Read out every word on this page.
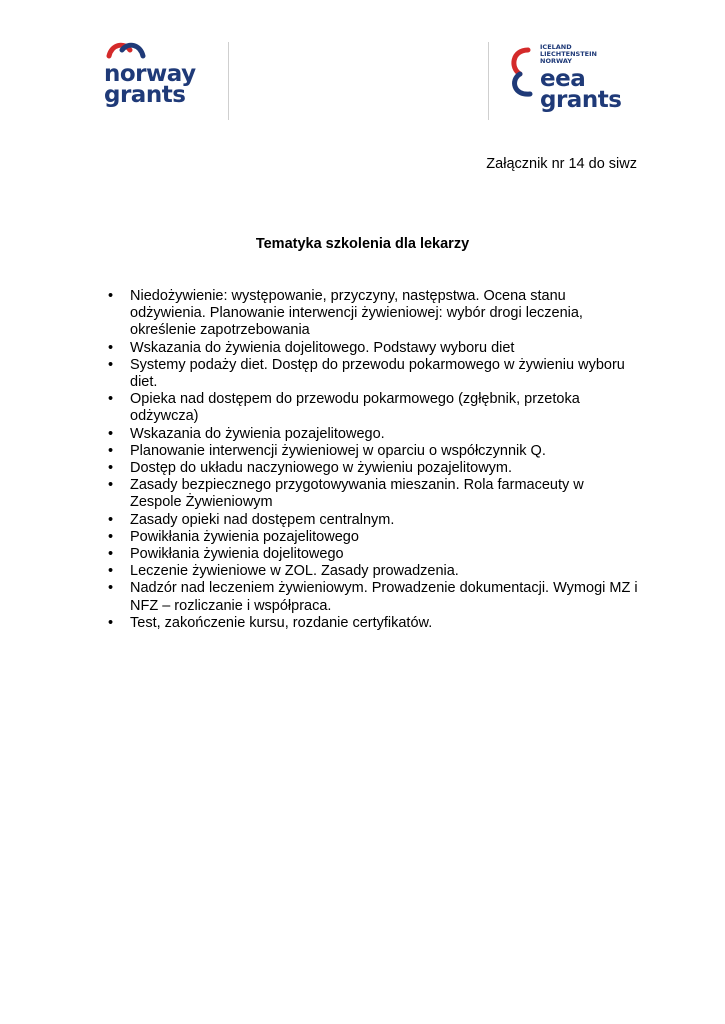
norway
grants
ICELAND
LIECHTENSTEIN
NORWAY
eea
grants
Załącznik nr 14 do siwz
Tematyka szkolenia dla lekarzy
• Niedożywienie: występowanie, przyczyny, następstwa. Ocena stanu odżywienia. Planowanie interwencji żywieniowej: wybór drogi leczenia, określenie zapotrzebowania
• Wskazania do żywienia dojelitowego. Podstawy wyboru diet
• Systemy podaży diet. Dostęp do przewodu pokarmowego w żywieniu wyboru diet.
• Opieka nad dostępem do przewodu pokarmowego (zgłębnik, przetoka odżywcza)
• Wskazania do żywienia pozajelitowego.
• Planowanie interwencji żywieniowej w oparciu o współczynnik Q.
• Dostęp do układu naczyniowego w żywieniu pozajelitowym.
• Zasady bezpiecznego przygotowywania mieszanin. Rola farmaceuty w Zespole Żywieniowym
• Zasady opieki nad dostępem centralnym.
• Powikłania żywienia pozajelitowego
• Powikłania żywienia dojelitowego
• Leczenie żywieniowe w ZOL. Zasady prowadzenia.
• Nadzór nad leczeniem żywieniowym. Prowadzenie dokumentacji. Wymogi MZ i NFZ – rozliczanie i współpraca.
• Test, zakończenie kursu, rozdanie certyfikatów.
